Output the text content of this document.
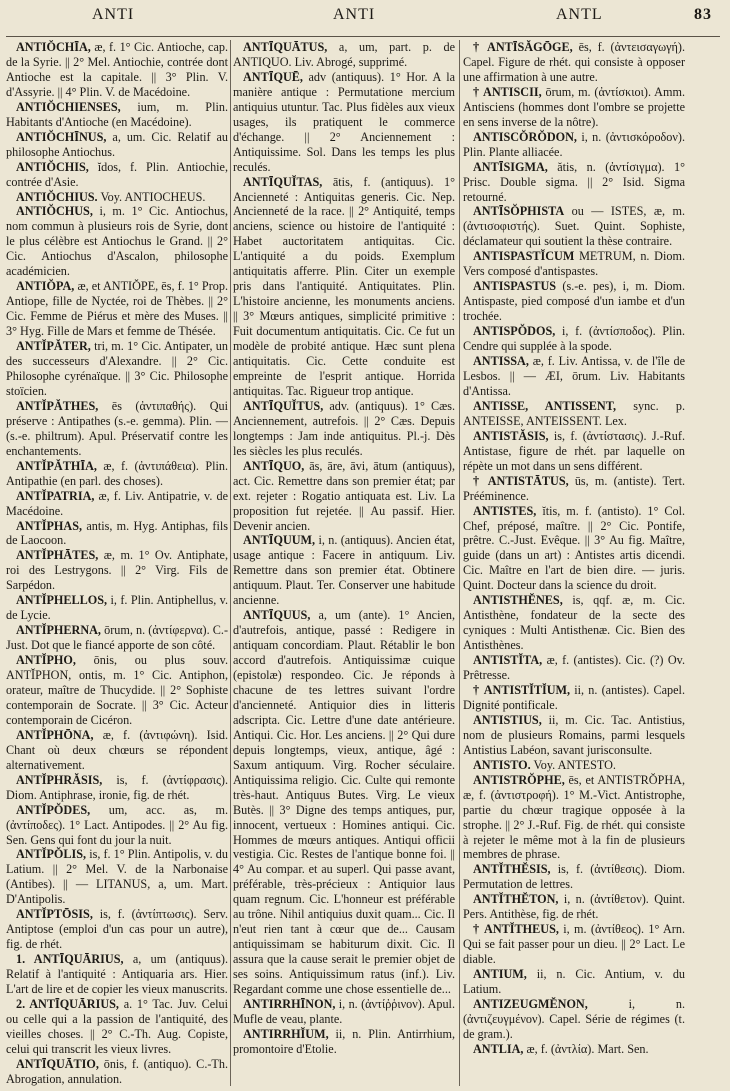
ANTI	ANTI	ANTL	83

ANTIŎCHĪA, æ, f. 1° Cic. Antioche, cap. de la Syrie. || 2° Mel. Antiochie, contrée dont Antioche est la capitale. || 3° Plin. V. d'Assyrie. || 4° Plin. V. de Macédoine.

ANTIŎCHIENSES, ium, m. Plin. Habitants d'Antioche (en Macédoine).

ANTIŎCHĪNUS, a, um. Cic. Relatif au philosophe Antiochus.

ANTIŎCHIS, ĭdos, f. Plin. Antiochie, contrée d'Asie.

ANTIŎCHIUS. Voy. ANTIOCHEUS.

ANTIŎCHUS, i, m. 1° Cic. Antiochus, nom commun à plusieurs rois de Syrie, dont le plus célèbre est Antiochus le Grand. || 2° Cic. Antiochus d'Ascalon, philosophe académicien.

ANTIŎPA, æ, et ANTIŎPE, ēs, f. 1° Prop. Antiope, fille de Nyctée, roi de Thèbes. || 2° Cic. Femme de Piérus et mère des Muses. || 3° Hyg. Fille de Mars et femme de Thésée.

ANTĬPĂTER, tri, m. 1° Cic. Antipater, un des successeurs d'Alexandre. || 2° Cic. Philosophe cyrénaïque. || 3° Cic. Philosophe stoïcien.

ANTĬPĂTHES, ēs (ἀντιπαθής). Qui préserve : Antipathes (s.-e. gemma). Plin. — (s.-e. philtrum). Apul. Préservatif contre les enchantements.

ANTĬPĂTHĪA, æ, f. (ἀντιπάθεια). Plin. Antipathie (en parl. des choses).

ANTĬPATRIA, æ, f. Liv. Antipatrie, v. de Macédoine.

ANTĬPHAS, antis, m. Hyg. Antiphas, fils de Laocoon.

ANTĬPHĀTES, æ, m. 1° Ov. Antiphate, roi des Lestrygons. || 2° Virg. Fils de Sarpédon.

ANTĬPHELLOS, i, f. Plin. Antiphellus, v. de Lycie.

ANTĬPHERNA, ōrum, n. (ἀντίφερνα). C.-Just. Dot que le fiancé apporte de son côté.

ANTĬPHO, ōnis, ou plus souv. ANTĬPHON, ontis, m. 1° Cic. Antiphon, orateur, maître de Thucydide. || 2° Sophiste contemporain de Socrate. || 3° Cic. Acteur contemporain de Cicéron.

ANTĬPHŌNA, æ, f. (ἀντιφώνη). Isid. Chant où deux chœurs se répondent alternativement.

ANTĬPHRĂSIS, is, f. (ἀντίφρασις). Diom. Antiphrase, ironie, fig. de rhét.

ANTĬPŎDES, um, acc. as, m. (ἀντίποδες). 1° Lact. Antipodes. || 2° Au fig. Sen. Gens qui font du jour la nuit.

ANTĬPŎLIS, is, f. 1° Plin. Antipolis, v. du Latium. || 2° Mel. V. de la Narbonaise (Antibes). || — LITANUS, a, um. Mart. D'Antipolis.

ANTĬPTŌSIS, is, f. (ἀντίπτωσις). Serv. Antiptose (emploi d'un cas pour un autre), fig. de rhét.

1. ANTĪQUĀRIUS, a, um (antiquus). Relatif à l'antiquité : Antiquaria ars. Hier. L'art de lire et de copier les vieux manuscrits.

2. ANTĪQUĀRIUS, a. 1° Tac. Juv. Celui ou celle qui a la passion de l'antiquité, des vieilles choses. || 2° C.-Th. Aug. Copiste, celui qui transcrit les vieux livres.

ANTĪQUĀTIO, ōnis, f. (antiquo). C.-Th. Abrogation, annulation.

ANTĪQUĀTUS, a, um, part. p. de ANTIQUO. Liv. Abrogé, supprimé.

ANTĪQUĒ, adv (antiquus). 1° Hor. A la manière antique : Permutatione mercium antiquius utuntur. Tac. Plus fidèles aux vieux usages, ils pratiquent le commerce d'échange. || 2° Anciennement : Antiquissime. Sol. Dans les temps les plus reculés.

ANTĪQUĬTAS, ātis, f. (antiquus). 1° Ancienneté : Antiquitas generis. Cic. Nep. Ancienneté de la race. || 2° Antiquité, temps anciens, science ou histoire de l'antiquité : Habet auctoritatem antiquitas. Cic. L'antiquité a du poids. Exemplum antiquitatis afferre. Plin. Citer un exemple pris dans l'antiquité. Antiquitates. Plin. L'histoire ancienne, les monuments anciens. || 3° Mœurs antiques, simplicité primitive : Fuit documentum antiquitatis. Cic. Ce fut un modèle de probité antique. Hæc sunt plena antiquitatis. Cic. Cette conduite est empreinte de l'esprit antique. Horrida antiquitas. Tac. Rigueur trop antique.

ANTĪQUĬTUS, adv. (antiquus). 1° Cæs. Anciennement, autrefois. || 2° Cæs. Depuis longtemps : Jam inde antiquitus. Pl.-j. Dès les siècles les plus reculés.

ANTĪQUO, ās, āre, āvi, ātum (antiquus), act. Cic. Remettre dans son premier état; par ext. rejeter : Rogatio antiquata est. Liv. La proposition fut rejetée. || Au passif. Hier. Devenir ancien.

ANTĪQUUM, i, n. (antiquus). Ancien état, usage antique : Facere in antiquum. Liv. Remettre dans son premier état. Obtinere antiquum. Plaut. Ter. Conserver une habitude ancienne.

ANTĪQUUS, a, um (ante). 1° Ancien, d'autrefois, antique, passé : Redigere in antiquam concordiam. Plaut. Rétablir le bon accord d'autrefois. Antiquissimæ cuique (epistolæ) respondeo. Cic. Je réponds à chacune de tes lettres suivant l'ordre d'ancienneté. Antiquior dies in litteris adscripta. Cic. Lettre d'une date antérieure. Antiqui. Cic. Hor. Les anciens. || 2° Qui dure depuis longtemps, vieux, antique, âgé : Saxum antiquum. Virg. Rocher séculaire. Antiquissima religio. Cic. Culte qui remonte très-haut. Antiquus Butes. Virg. Le vieux Butès. || 3° Digne des temps antiques, pur, innocent, vertueux : Homines antiqui. Cic. Hommes de mœurs antiques. Antiqui officii vestigia. Cic. Restes de l'antique bonne foi. || 4° Au compar. et au superl. Qui passe avant, préférable, très-précieux : Antiquior laus quam regnum. Cic. L'honneur est préférable au trône. Nihil antiquius duxit quam... Cic. Il n'eut rien tant à cœur que de... Causam antiquissimam se habiturum dixit. Cic. Il assura que la cause serait le premier objet de ses soins. Antiquissimum ratus (inf.). Liv. Regardant comme une chose essentielle de...

ANTIRRHĪNON, i, n. (ἀντίῤῥινον). Apul. Mufle de veau, plante.

ANTIRRHĬUM, ii, n. Plin. Antirrhium, promontoire d'Etolie.

† ANTĪSĂGŌGE, ēs, f. (ἀντεισαγωγή). Capel. Figure de rhét. qui consiste à opposer une affirmation à une autre.

† ANTISCII, ōrum, m. (ἀντίσκιοι). Amm. Antisciens (hommes dont l'ombre se projette en sens inverse de la nôtre).

ANTISCŎRŎDON, i, n. (ἀντισκόροδον). Plin. Plante alliacée.

ANTĪSIGMA, ătis, n. (ἀντίσιγμα). 1° Prisc. Double sigma. || 2° Isid. Sigma retourné.

ANTĪSŎPHISTA ou — ISTES, æ, m. (ἀντισοφιστής). Suet. Quint. Sophiste, déclamateur qui soutient la thèse contraire.

ANTISPASTĬCUM METRUM, n. Diom. Vers composé d'antispastes.

ANTISPASTUS (s.-e. pes), i, m. Diom. Antispaste, pied composé d'un iambe et d'un trochée.

ANTISPŎDOS, i, f. (ἀντίσποδος). Plin. Cendre qui supplée à la spode.

ANTISSA, æ, f. Liv. Antissa, v. de l'île de Lesbos. || — ÆI, ōrum. Liv. Habitants d'Antissa.

ANTISSE, ANTISSENT, sync. p. ANTEISSE, ANTEISSENT. Lex.

ANTISTĂSIS, is, f. (ἀντίστασις). J.-Ruf. Antistase, figure de rhét. par laquelle on répète un mot dans un sens différent.

† ANTISTĀTUS, ūs, m. (antiste). Tert. Prééminence.

ANTISTES, ĭtis, m. f. (antisto). 1° Col. Chef, préposé, maître. || 2° Cic. Pontife, prêtre. C.-Just. Evêque. || 3° Au fig. Maître, guide (dans un art) : Antistes artis dicendi. Cic. Maître en l'art de bien dire. — juris. Quint. Docteur dans la science du droit.

ANTISTHĔNES, is, qqf. æ, m. Cic. Antisthène, fondateur de la secte des cyniques : Multi Antisthenæ. Cic. Bien des Antisthènes.

ANTISTĬTA, æ, f. (antistes). Cic. (?) Ov. Prêtresse.

† ANTISTĬTĬUM, ii, n. (antistes). Capel. Dignité pontificale.

ANTISTIUS, ii, m. Cic. Tac. Antistius, nom de plusieurs Romains, parmi lesquels Antistius Labéon, savant jurisconsulte.

ANTISTO. Voy. ANTESTO.

ANTISTRŎPHE, ēs, et ANTISTRŎPHA, æ, f. (ἀντιστροφή). 1° M.-Vict. Antistrophe, partie du chœur tragique opposée à la strophe. || 2° J.-Ruf. Fig. de rhét. qui consiste à rejeter le même mot à la fin de plusieurs membres de phrase.

ANTĬTHĔSIS, is, f. (ἀντίθεσις). Diom. Permutation de lettres.

ANTĬTHĔTON, i, n. (ἀντίθετον). Quint. Pers. Antithèse, fig. de rhét.

† ANTĬTHEUS, i, m. (ἀντίθεος). 1° Arn. Qui se fait passer pour un dieu. || 2° Lact. Le diable.

ANTIUM, ii, n. Cic. Antium, v. du Latium.

ANTIZEUGMĔNON,	i, n. (ἀντιζευγμένον). Capel. Série de régimes (t. de gram.).

ANTLIA, æ, f. (ἀντλία). Mart. Sen.
